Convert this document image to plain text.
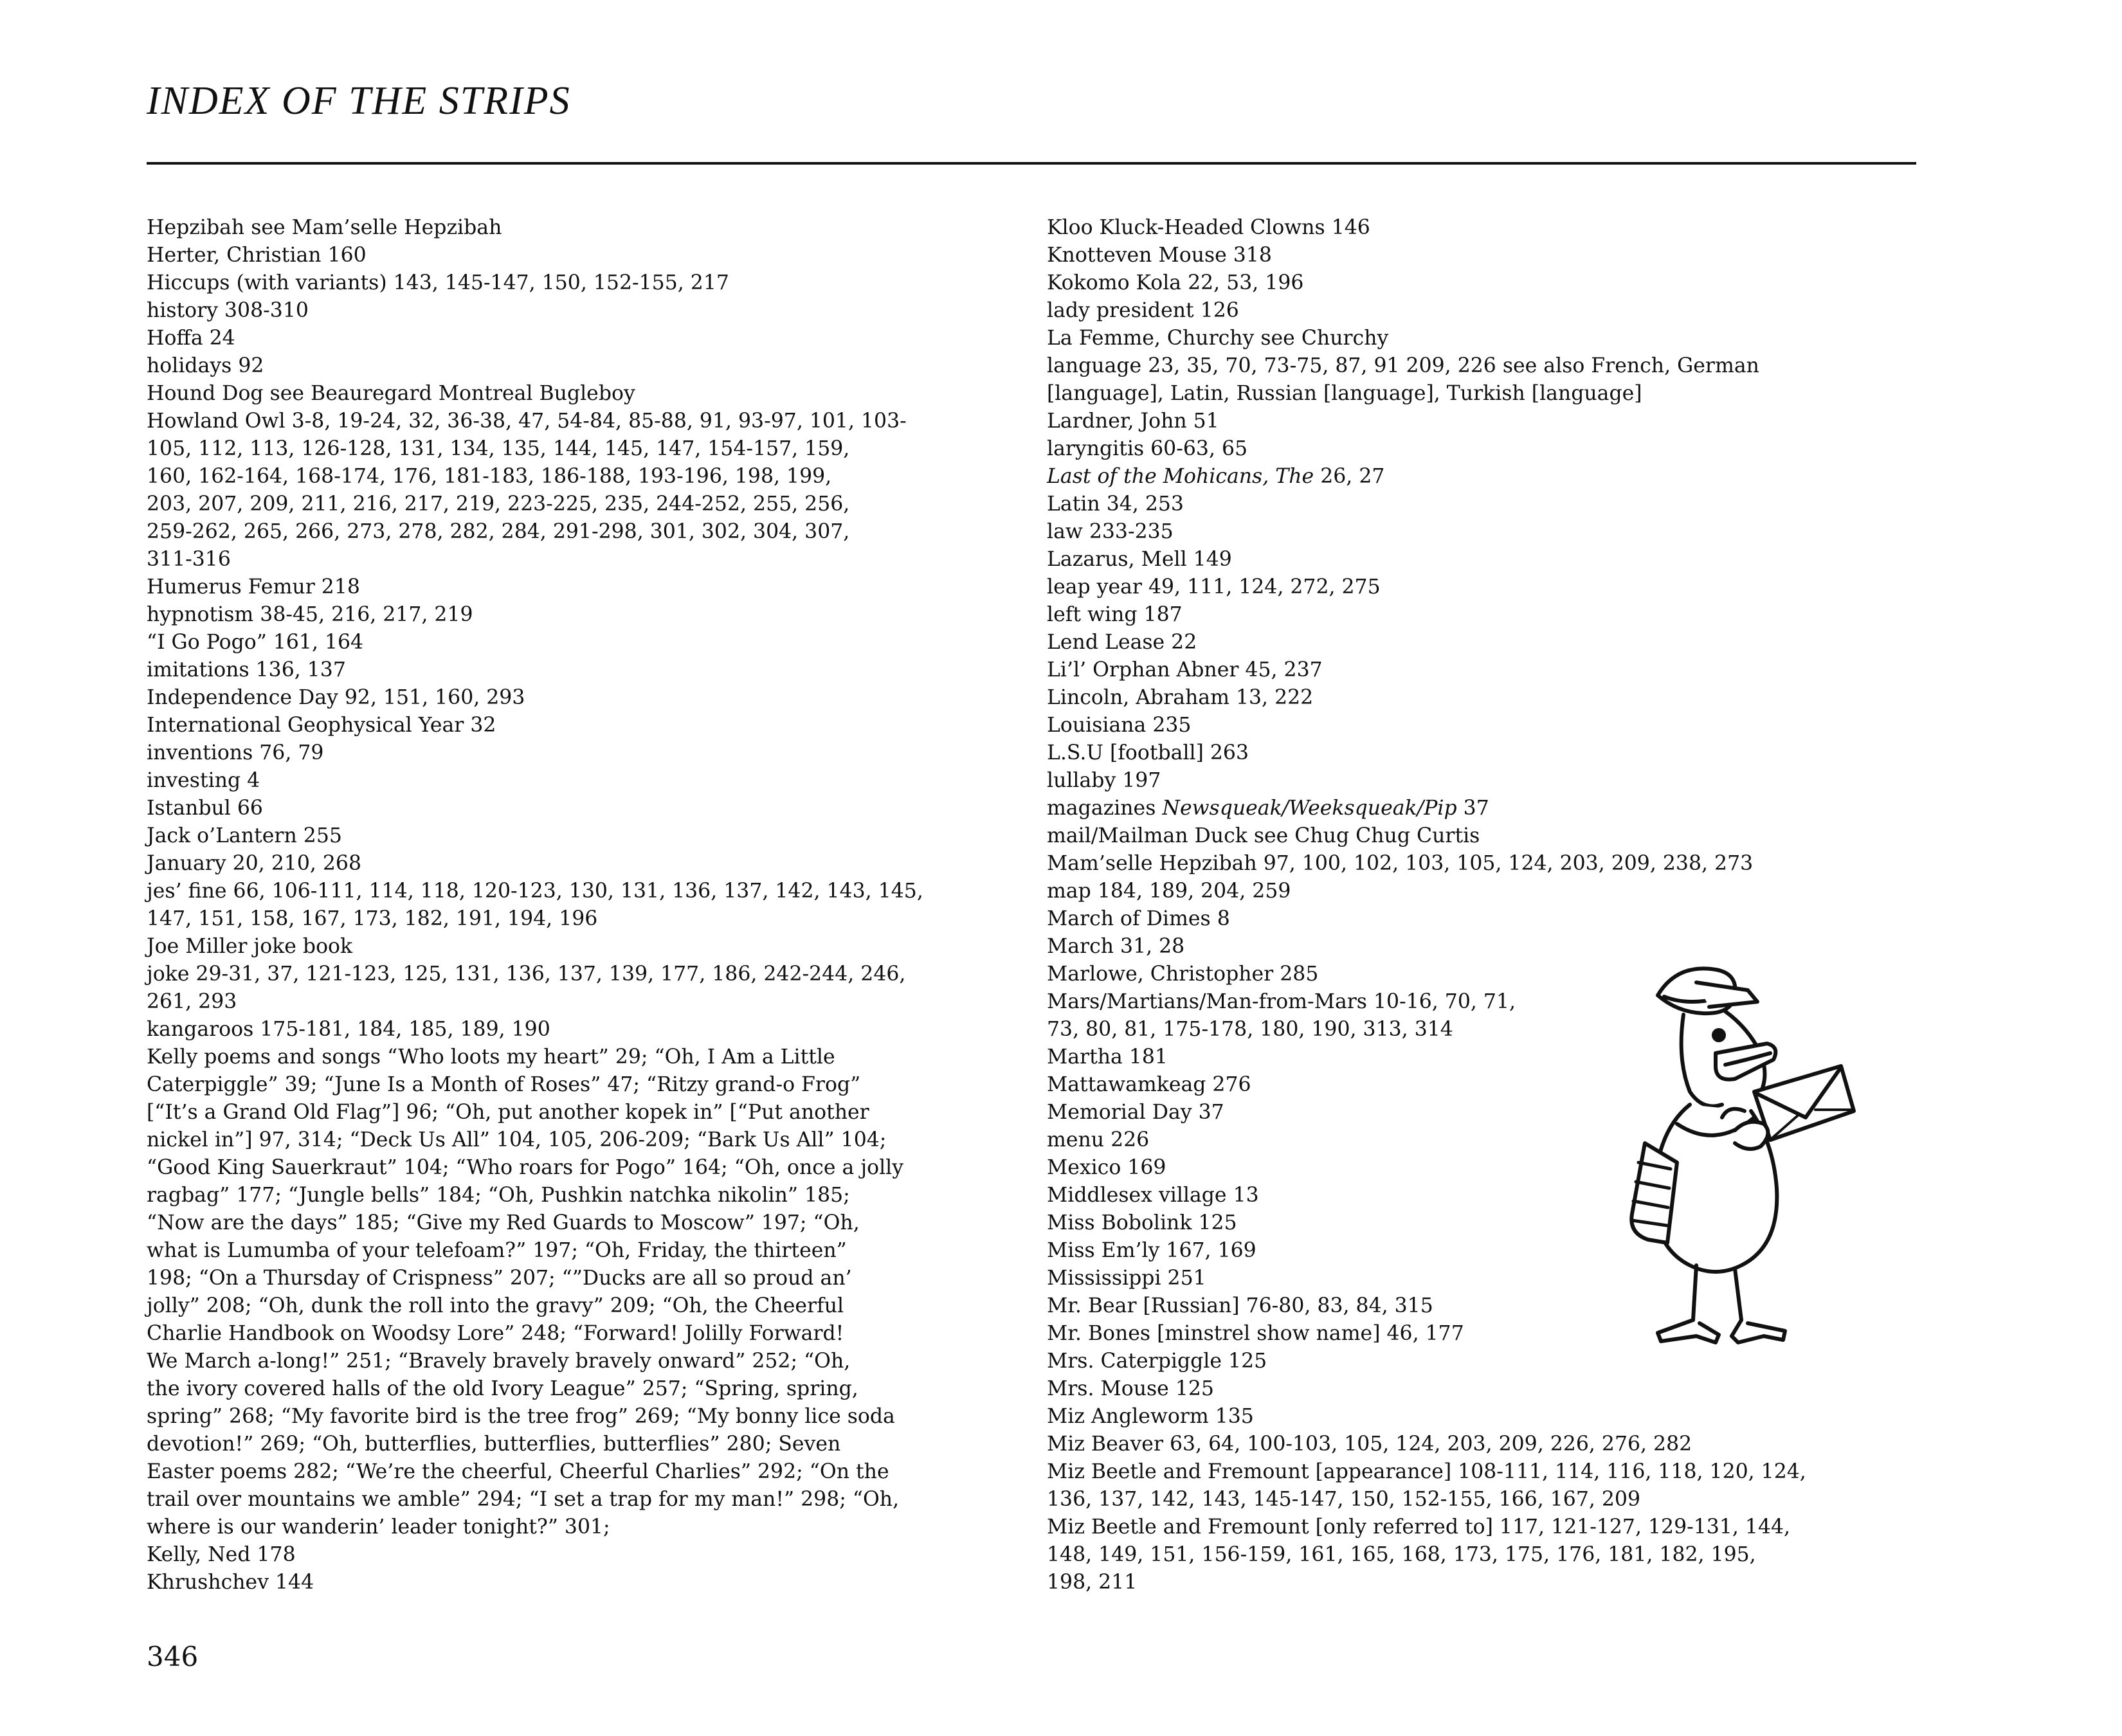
INDEX OF THE STRIPS

Hepzibah see Mam’selle Hepzibah

Herter, Christian 160

Hiccups (with variants) 143, 145-147, 150, 152-155, 217

history 308-310

Hoffa 24

holidays 92

Hound Dog see Beauregard Montreal Bugleboy

Howland Owl 3-8, 19-24, 32, 36-38, 47, 54-84, 85-88, 91, 93-97, 101, 103-
105, 112, 113, 126-128, 131, 134, 135, 144, 145, 147, 154-157, 159,
160, 162-164, 168-174, 176, 181-183, 186-188, 193-196, 198, 199,
203, 207, 209, 211, 216, 217, 219, 223-225, 235, 244-252, 255, 256,
259-262, 265, 266, 273, 278, 282, 284, 291-298, 301, 302, 304, 307,
311-316

Humerus Femur 218

hypnotism 38-45, 216, 217, 219

“I Go Pogo” 161, 164

imitations 136, 137

Independence Day 92, 151, 160, 293

International Geophysical Year 32

inventions 76, 79

investing 4

Istanbul 66

Jack o’Lantern 255

January 20, 210, 268

jes’ fine 66, 106-111, 114, 118, 120-123, 130, 131, 136, 137, 142, 143, 145,
147, 151, 158, 167, 173, 182, 191, 194, 196

Joe Miller joke book

joke 29-31, 37, 121-123, 125, 131, 136, 137, 139, 177, 186, 242-244, 246,
261, 293

kangaroos 175-181, 184, 185, 189, 190

Kelly poems and songs “Who loots my heart” 29; “Oh, I Am a Little
Caterpiggle” 39; “June Is a Month of Roses” 47; “Ritzy grand-o Frog”
[“It’s a Grand Old Flag”] 96; “Oh, put another kopek in” [“Put another
nickel in”] 97, 314; “Deck Us All” 104, 105, 206-209; “Bark Us All” 104;
“Good King Sauerkraut” 104; “Who roars for Pogo” 164; “Oh, once a jolly
ragbag” 177; “Jungle bells” 184; “Oh, Pushkin natchka nikolin” 185;
“Now are the days” 185; “Give my Red Guards to Moscow” 197; “Oh,
what is Lumumba of your telefoam?” 197; “Oh, Friday, the thirteen”
198; “On a Thursday of Crispness” 207; “”Ducks are all so proud an’
jolly” 208; “Oh, dunk the roll into the gravy” 209; “Oh, the Cheerful
Charlie Handbook on Woodsy Lore” 248; “Forward! Jolilly Forward!
We March a-long!” 251; “Bravely bravely bravely onward” 252; “Oh,
the ivory covered halls of the old Ivory League” 257; “Spring, spring,
spring” 268; “My favorite bird is the tree frog” 269; “My bonny lice soda
devotion!” 269; “Oh, butterflies, butterflies, butterflies” 280; Seven
Easter poems 282; “We’re the cheerful, Cheerful Charlies” 292; “On the
trail over mountains we amble” 294; “I set a trap for my man!” 298; “Oh,
where is our wanderin’ leader tonight?” 301;

Kelly, Ned 178

Khrushchev 144

Kloo Kluck-Headed Clowns 146

Knotteven Mouse 318

Kokomo Kola 22, 53, 196

lady president 126

La Femme, Churchy see Churchy

language 23, 35, 70, 73-75, 87, 91 209, 226 see also French, German
[language], Latin, Russian [language], Turkish [language]

Lardner, John 51

laryngitis 60-63, 65

Last of the Mohicans, The 26, 27

Latin 34, 253

law 233-235

Lazarus, Mell 149

leap year 49, 111, 124, 272, 275

left wing 187

Lend Lease 22

Li’l’ Orphan Abner 45, 237

Lincoln, Abraham 13, 222

Louisiana 235

L.S.U [football] 263

lullaby 197

magazines Newsqueak/Weeksqueak/Pip 37

mail/Mailman Duck see Chug Chug Curtis

Mam’selle Hepzibah 97, 100, 102, 103, 105, 124, 203, 209, 238, 273

map 184, 189, 204, 259

March of Dimes 8

March 31, 28

Marlowe, Christopher 285

Mars/Martians/Man-from-Mars 10-16, 70, 71,
73, 80, 81, 175-178, 180, 190, 313, 314

Martha 181

Mattawamkeag 276

Memorial Day 37

menu 226

Mexico 169

Middlesex village 13

Miss Bobolink 125

Miss Em’ly 167, 169

Mississippi 251

Mr. Bear [Russian] 76-80, 83, 84, 315

Mr. Bones [minstrel show name] 46, 177

Mrs. Caterpiggle 125

Mrs. Mouse 125

Miz Angleworm 135

Miz Beaver 63, 64, 100-103, 105, 124, 203, 209, 226, 276, 282

Miz Beetle and Fremount [appearance] 108-111, 114, 116, 118, 120, 124,
136, 137, 142, 143, 145-147, 150, 152-155, 166, 167, 209

Miz Beetle and Fremount [only referred to] 117, 121-127, 129-131, 144,
148, 149, 151, 156-159, 161, 165, 168, 173, 175, 176, 181, 182, 195,
198, 211

346
